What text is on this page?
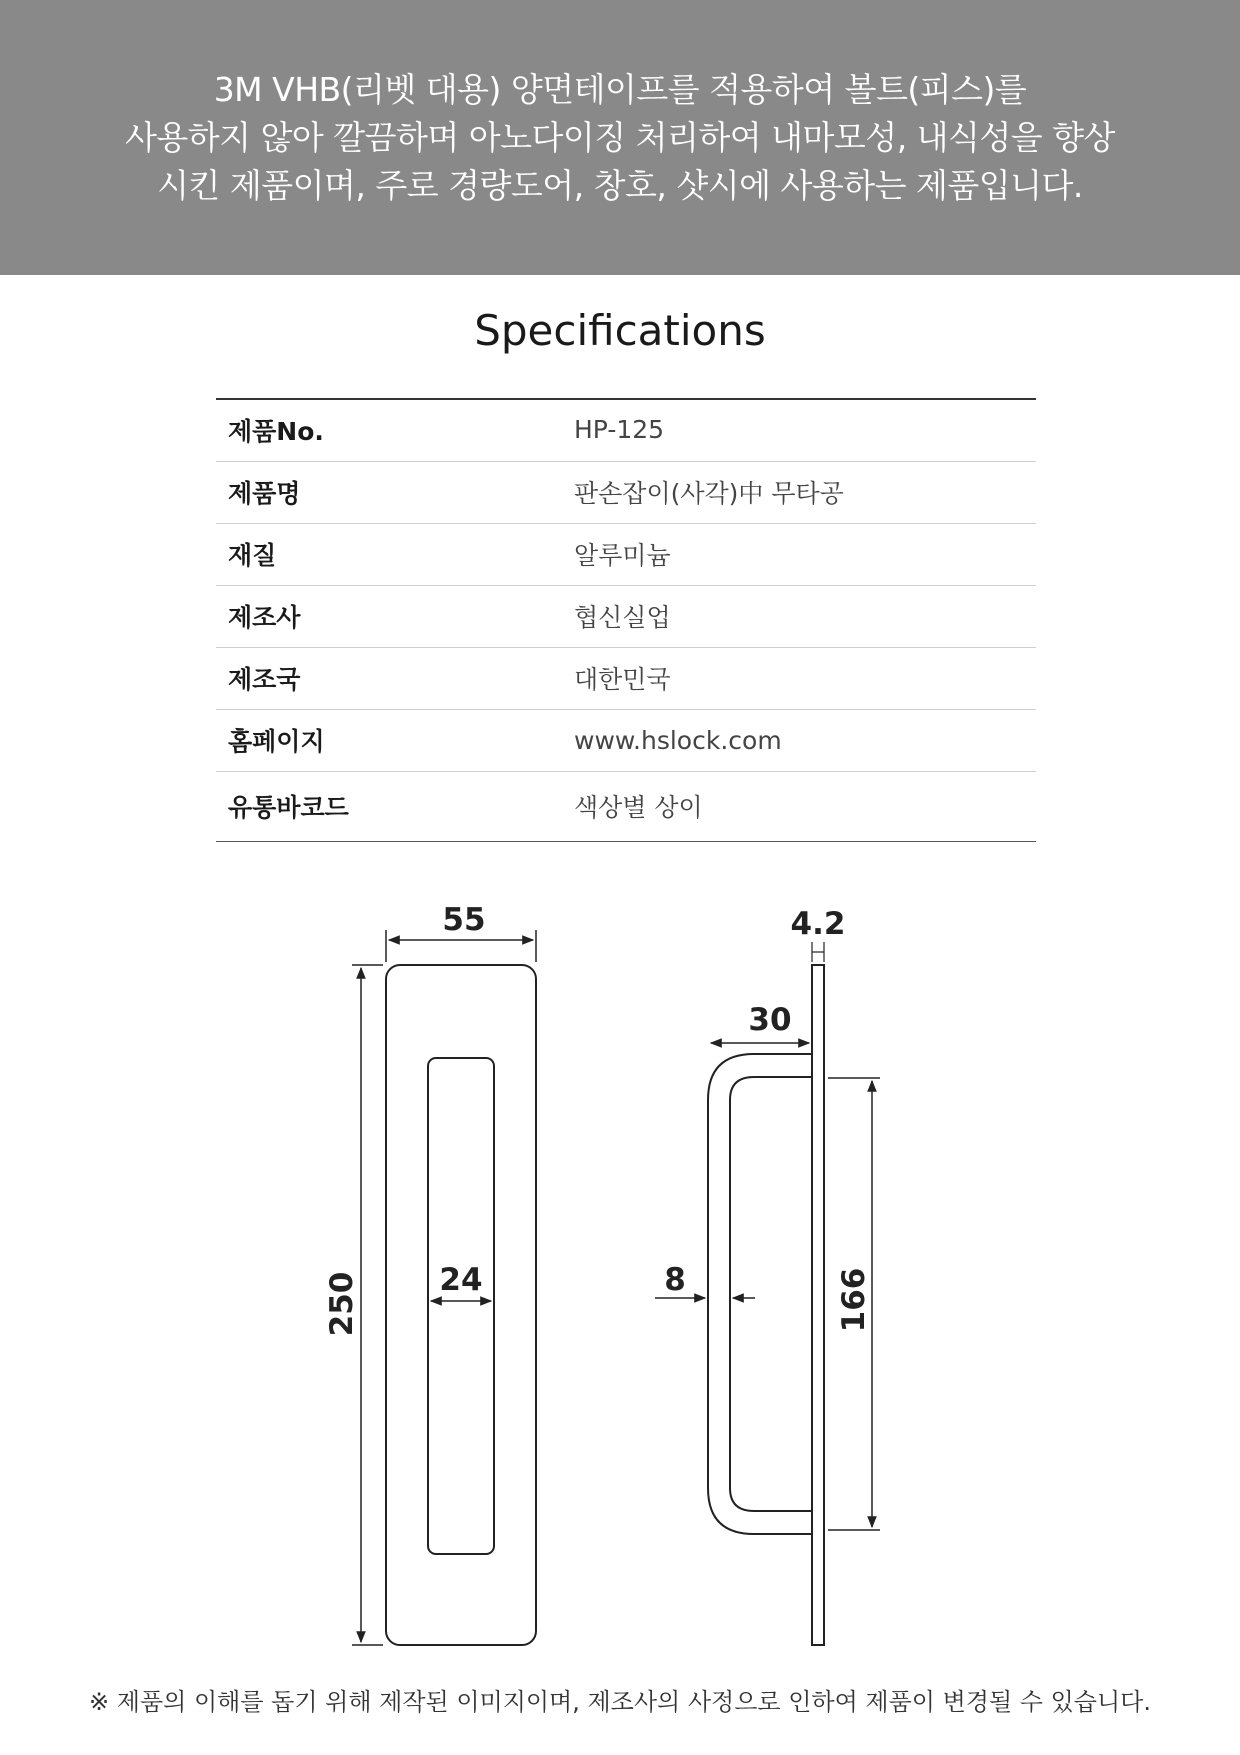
3M VHB(리벳 대용) 양면테이프를 적용하여 볼트(피스)를

사용하지 않아 깔끔하며 아노다이징 처리하여 내마모성, 내식성을 향상

시킨 제품이며, 주로 경량도어, 창호, 샷시에 사용하는 제품입니다.

Specifications
제품No.	HP-125
제품명	판손잡이(사각)中 무타공
재질	알루미늄
제조사	협신실업
제조국	대한민국
홈페이지	www.hslock.com
유통바코드	색상별 상이
55
250	24
4.2
30
8	166
※ 제품의 이해를 돕기 위해 제작된 이미지이며, 제조사의 사정으로 인하여 제품이 변경될 수 있습니다.
